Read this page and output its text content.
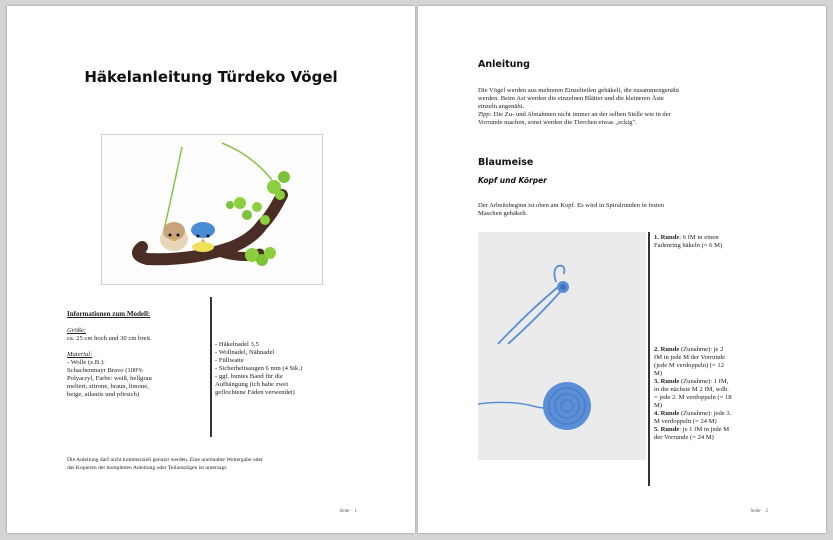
Häkelanleitung Türdeko Vögel
Informationen zum Modell:
Größe:
ca. 25 cm hoch und 30 cm breit.
Material:
- Wolle (z.B.):
Schachenmayr Bravo (100%
Polyacryl, Farbe: weiß, hellgrau
meliert, zitrone, braun, limone,
beige, atlantis und pfirsich)
- Häkelnadel 3,5
- Wollnadel, Nähnadel
- Füllwatte
- Sicherheitsaugen 6 mm (4 Stk.)
- ggf. buntes Band für die
Aufhängung (ich habe zwei
geflochtene Fäden verwendet)
Die Anleitung darf nicht kommerziell genutzt werden. Eine unerlaubte Weitergabe oder
das Kopieren der kompletten Anleitung oder Teilauszügen ist untersagt.
Seite 1
Anleitung
Die Vögel werden aus mehreren Einzelteilen gehäkelt, die zusammengenäht
werden. Beim Ast werden die einzelnen Blätter und die kleineren Äste
einzeln angenäht.
Tipp: Die Zu- und Abnahmen nicht immer an der selben Stelle wie in der
Vorrunde machen, sonst werden die Tierchen etwas „eckig".
Blaumeise
Kopf und Körper
Der Arbeitsbeginn ist oben am Kopf. Es wird in Spiralrunden in festen
Maschen gehäkelt.
1. Runde: 6 fM in einen
Fadenring häkeln (= 6 M)
2. Runde (Zunahme): je 2
fM in jede M der Vorrunde
(jede M verdoppeln) (= 12
M)
3. Runde (Zunahme): 1 fM,
in die nächste M 2 fM, wdh.
= jede 2. M verdoppeln (= 18
M)
4. Runde (Zunahme): jede 3.
M verdoppeln (= 24 M)
5. Runde: je 1 fM in jede M
der Vorrunde (= 24 M)
Seite 2
